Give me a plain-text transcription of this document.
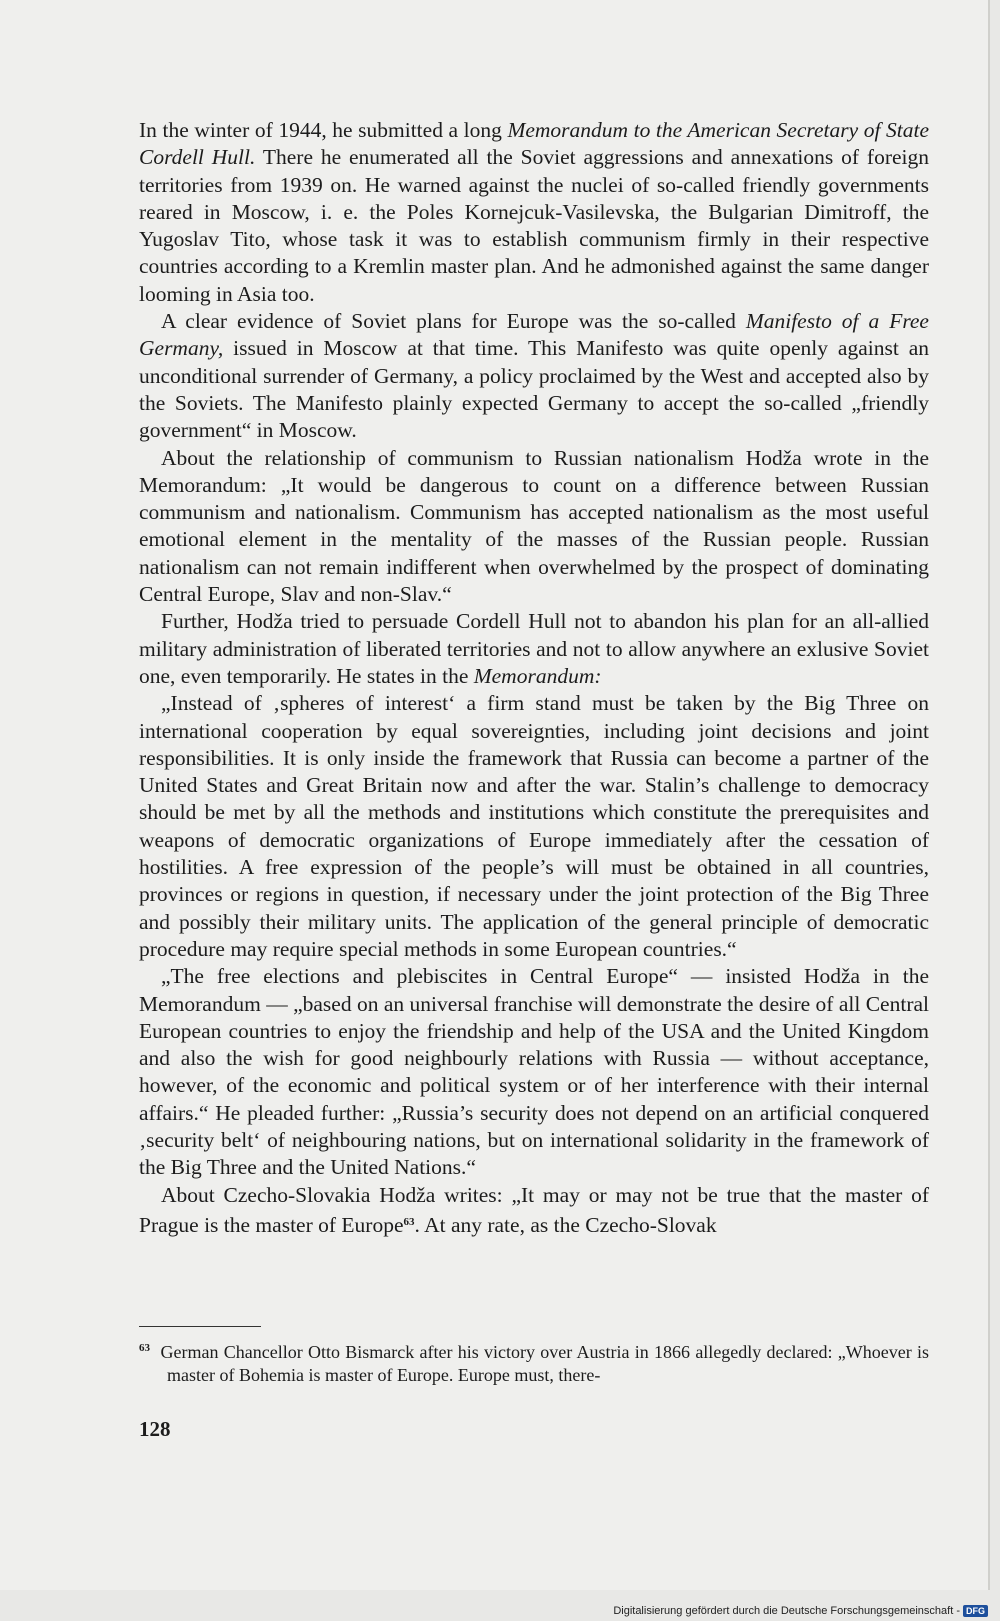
In the winter of 1944, he submitted a long Memorandum to the American Secretary of State Cordell Hull. There he enumerated all the Soviet aggressions and annexations of foreign territories from 1939 on. He warned against the nuclei of so-called friendly governments reared in Moscow, i. e. the Poles Kornejcuk-Vasilevska, the Bulgarian Dimitroff, the Yugoslav Tito, whose task it was to establish communism firmly in their respective countries according to a Kremlin master plan. And he admonished against the same danger looming in Asia too.

A clear evidence of Soviet plans for Europe was the so-called Manifesto of a Free Germany, issued in Moscow at that time. This Manifesto was quite openly against an unconditional surrender of Germany, a policy proclaimed by the West and accepted also by the Soviets. The Manifesto plainly expected Germany to accept the so-called „friendly government“ in Moscow.

About the relationship of communism to Russian nationalism Hodža wrote in the Memorandum: „It would be dangerous to count on a difference between Russian communism and nationalism. Communism has accepted nationalism as the most useful emotional element in the mentality of the masses of the Russian people. Russian nationalism can not remain indifferent when overwhelmed by the prospect of dominating Central Europe, Slav and non-Slav.“

Further, Hodža tried to persuade Cordell Hull not to abandon his plan for an all-allied military administration of liberated territories and not to allow anywhere an exlusive Soviet one, even temporarily. He states in the Memorandum:

„Instead of ‚spheres of interest‘ a firm stand must be taken by the Big Three on international cooperation by equal sovereignties, including joint decisions and joint responsibilities. It is only inside the framework that Russia can become a partner of the United States and Great Britain now and after the war. Stalin’s challenge to democracy should be met by all the methods and institutions which constitute the prerequisites and weapons of democratic organizations of Europe immediately after the cessation of hostilities. A free expression of the people’s will must be obtained in all countries, provinces or regions in question, if necessary under the joint protection of the Big Three and possibly their military units. The application of the general principle of democratic procedure may require special methods in some European countries.“

„The free elections and plebiscites in Central Europe“ — insisted Hodža in the Memorandum — „based on an universal franchise will demonstrate the desire of all Central European countries to enjoy the friendship and help of the USA and the United Kingdom and also the wish for good neighbourly relations with Russia — without acceptance, however, of the economic and political system or of her interference with their internal affairs.“ He pleaded further: „Russia’s security does not depend on an artificial conquered ‚security belt‘ of neighbouring nations, but on international solidarity in the framework of the Big Three and the United Nations.“

About Czecho-Slovakia Hodža writes: „It may or may not be true that the master of Prague is the master of Europe$^{63}$. At any rate, as the Czecho-Slovak

$^{63}$ German Chancellor Otto Bismarck after his victory over Austria in 1866 allegedly declared: „Whoever is master of Bohemia is master of Europe. Europe must, there-
128
Digitalisierung gefördert durch die Deutsche Forschungsgemeinschaft - DFG
